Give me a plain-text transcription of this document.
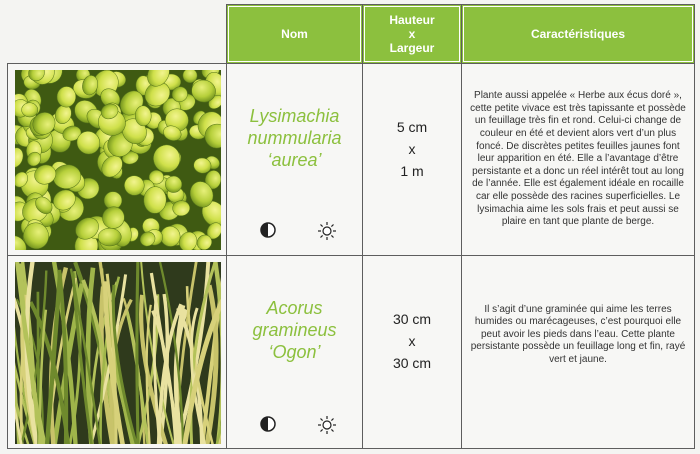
Nom
Hauteur
x
Largeur
Caractéristiques
Lysimachia
nummularia
‘aurea’
5 cm
x
1 m
Plante aussi appelée « Herbe aux écus doré », cette petite vivace est très tapissante et possède un feuillage très fin et rond. Celui-ci change de couleur en été et devient alors vert d’un plus foncé. De discrètes petites feuilles jaunes font leur apparition en été. Elle a l’avantage d’être persistante et a donc un réel intérêt tout au long de l’année. Elle est également idéale en rocaille car elle possède des racines superficielles. Le lysimachia aime les sols frais et peut aussi se plaire en tant que plante de berge.
Acorus
gramineus
‘Ogon’
30 cm
x
30 cm
Il s’agit d’une graminée qui aime les terres humides ou marécageuses, c’est pourquoi elle peut avoir les pieds dans l’eau. Cette plante persistante possède un feuillage long et fin, rayé vert et jaune.
